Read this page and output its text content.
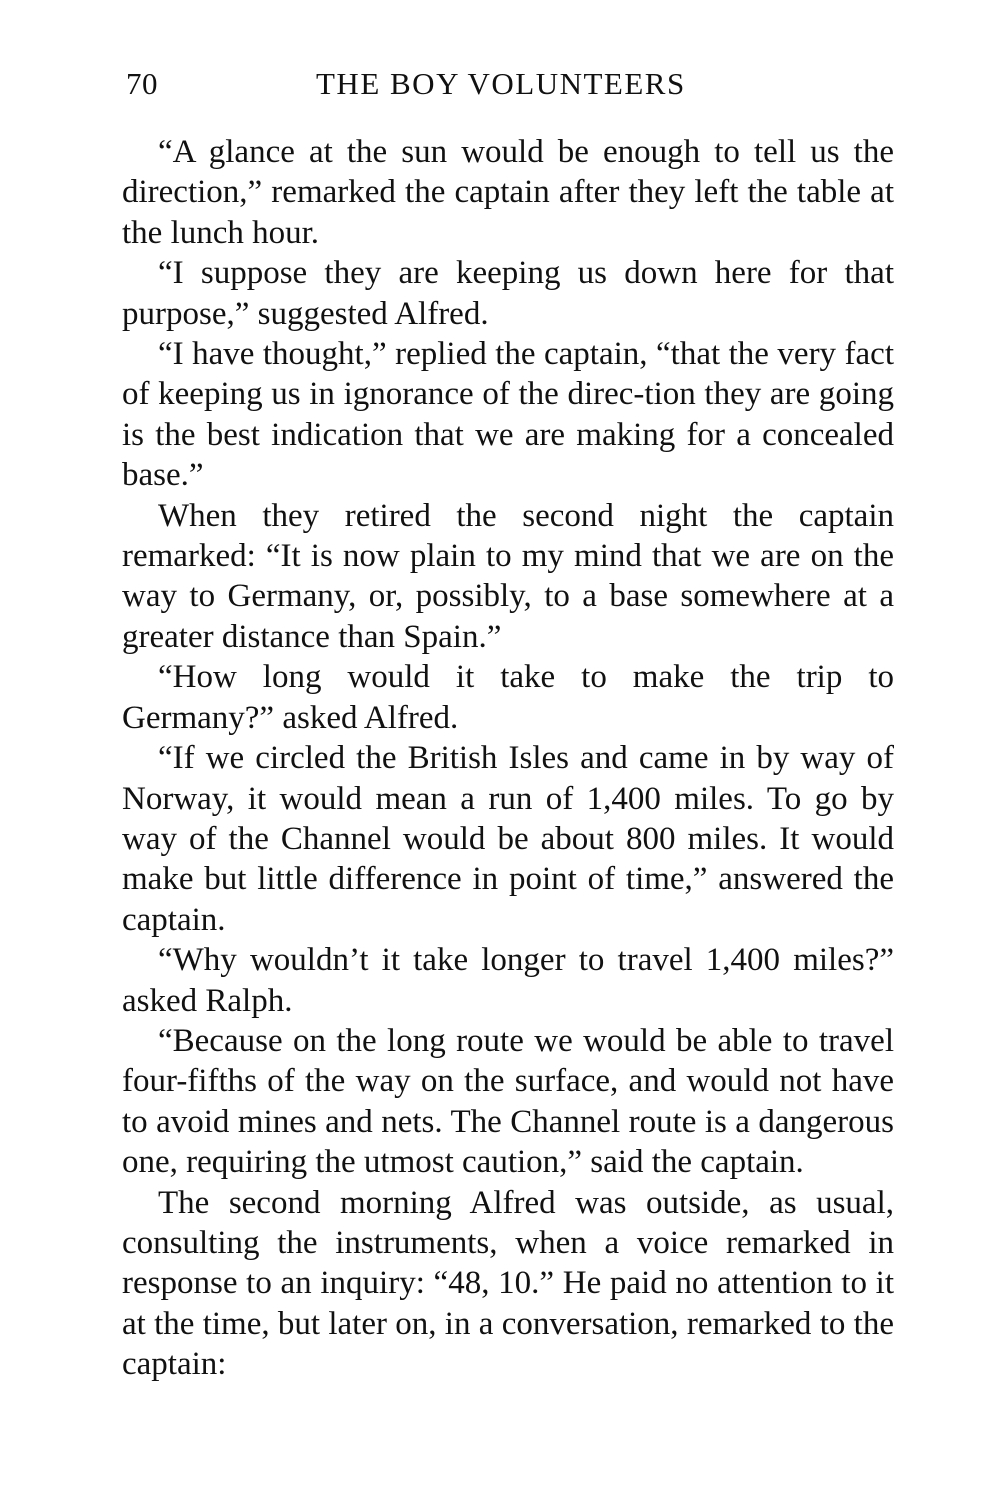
70	THE BOY VOLUNTEERS

“A glance at the sun would be enough to tell us the direction,” remarked the captain after they left the table at the lunch hour.

“I suppose they are keeping us down here for that purpose,” suggested Alfred.

“I have thought,” replied the captain, “that the very fact of keeping us in ignorance of the direc-tion they are going is the best indication that we are making for a concealed base.”

When they retired the second night the captain remarked: “It is now plain to my mind that we are on the way to Germany, or, possibly, to a base somewhere at a greater distance than Spain.”

“How long would it take to make the trip to Germany?” asked Alfred.

“If we circled the British Isles and came in by way of Norway, it would mean a run of 1,400 miles. To go by way of the Channel would be about 800 miles. It would make but little difference in point of time,” answered the captain.

“Why wouldn’t it take longer to travel 1,400 miles?” asked Ralph.

“Because on the long route we would be able to travel four-fifths of the way on the surface, and would not have to avoid mines and nets. The Channel route is a dangerous one, requiring the utmost caution,” said the captain.

The second morning Alfred was outside, as usual, consulting the instruments, when a voice remarked in response to an inquiry: “48, 10.” He paid no attention to it at the time, but later on, in a conversation, remarked to the captain:
